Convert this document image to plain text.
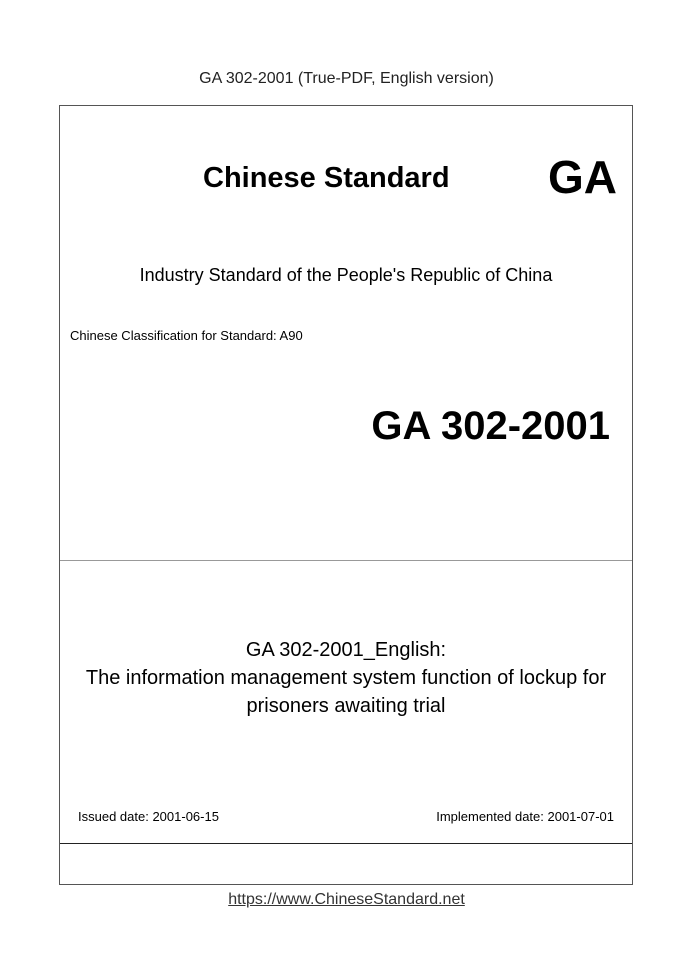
GA 302-2001 (True-PDF, English version)
Chinese Standard GA
Industry Standard of the People's Republic of China
Chinese Classification for Standard: A90
GA 302-2001
GA 302-2001_English:
The information management system function of lockup for
prisoners awaiting trial
Issued date: 2001-06-15	Implemented date: 2001-07-01
https://www.ChineseStandard.net
